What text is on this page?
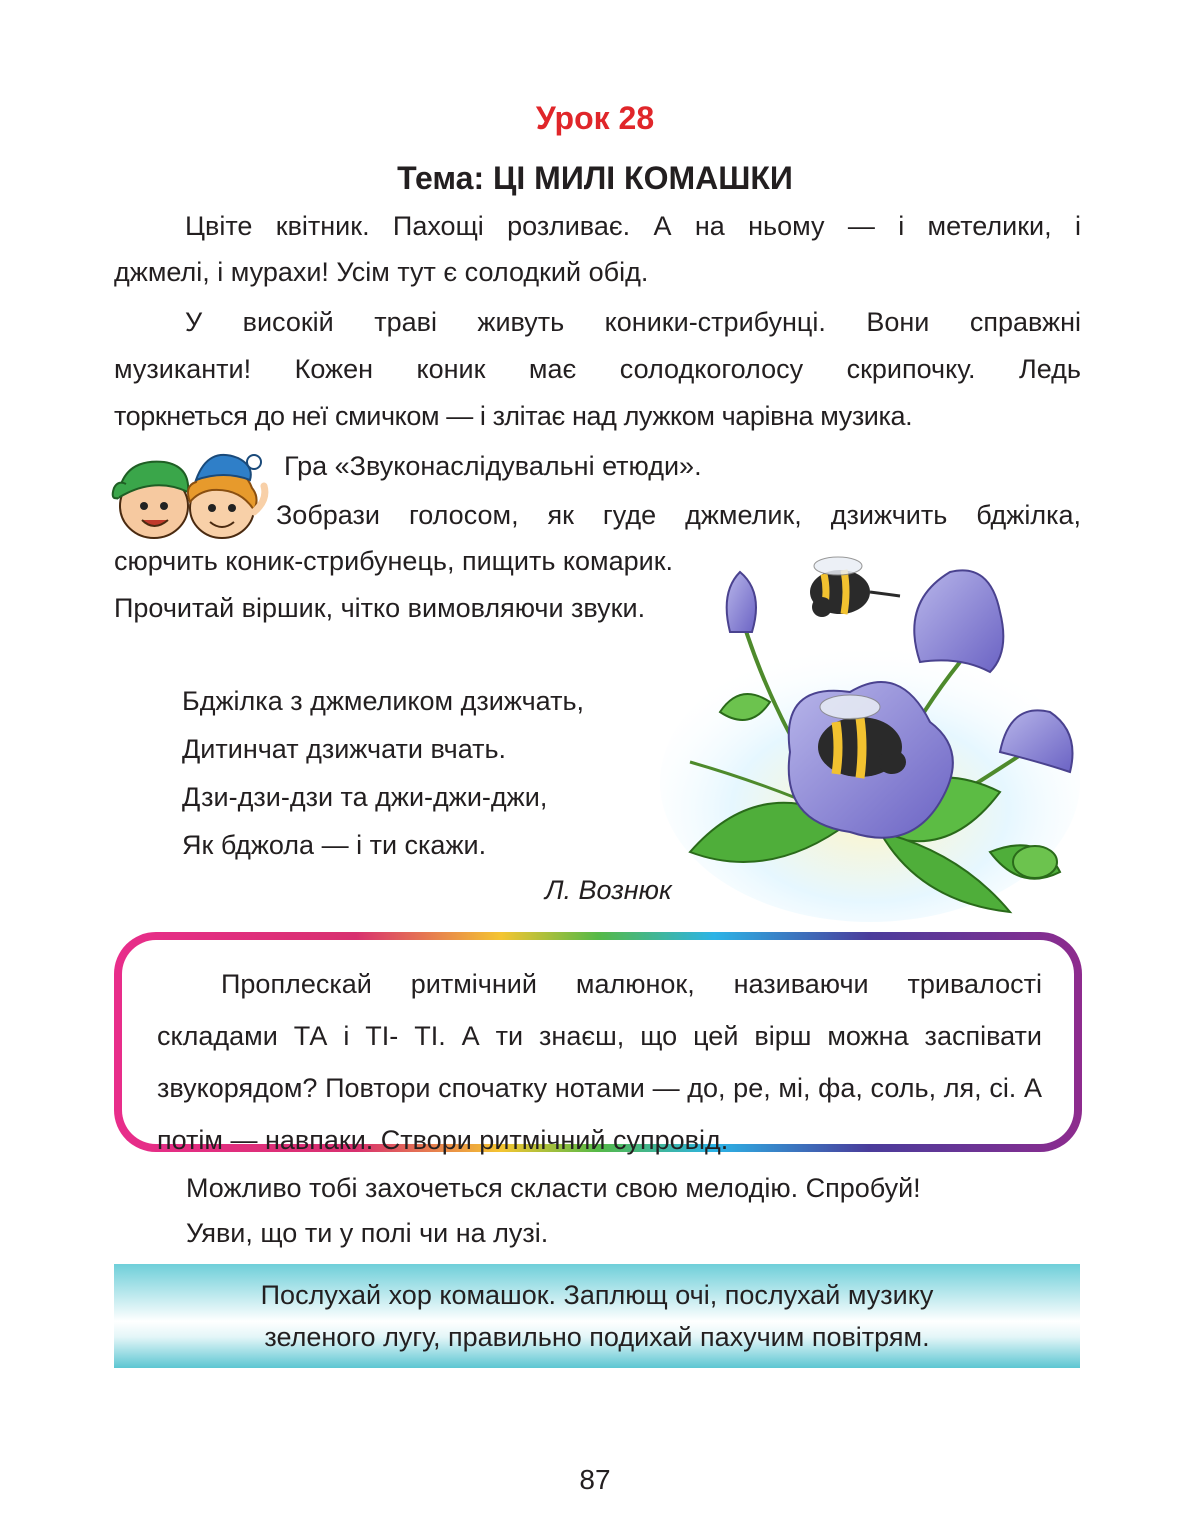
Урок 28
Тема: ЦІ МИЛІ КОМАШКИ
Цвіте квітник. Пахощі розливає. А на ньому — і метелики, і
джмелі, і мурахи! Усім тут є солодкий обід.
У високій траві живуть коники-стрибунці. Вони справжні
музиканти! Кожен коник має солодкоголосу скрипочку. Ледь
торкнеться до неї смичком — і злітає над лужком чарівна музика.
Гра «Звуконаслідувальні етюди».
Зобрази голосом, як гуде джмелик, дзижчить бджілка,
сюрчить коник-стрибунець, пищить комарик.
Прочитай віршик, чітко вимовляючи звуки.
Бджілка з джмеликом дзижчать,
Дитинчат дзижчати вчать.
Дзи-дзи-дзи та джи-джи-джи,
Як бджола — і ти скажи.
Л. Вознюк
Проплескай ритмічний малюнок, називаючи тривалості складами ТА і ТІ- ТІ. А ти знаєш, що цей вірш можна заспівати звукорядом? Повтори спочатку нотами — до, ре, мі, фа, соль, ля, сі. А потім — навпаки. Створи ритмічний супровід.
Можливо тобі захочеться скласти свою мелодію. Спробуй!
Уяви, що ти у полі чи на лузі.
Послухай хор комашок. Заплющ очі, послухай музику
зеленого лугу, правильно подихай пахучим повітрям.
87
